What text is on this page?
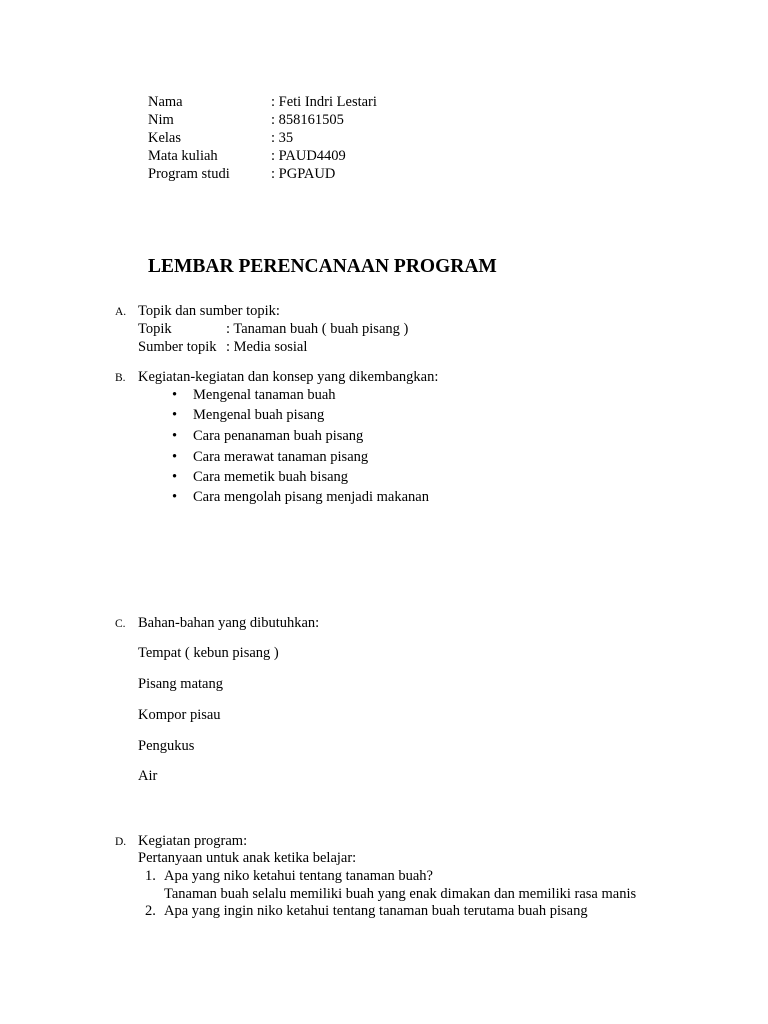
Nama	: Feti Indri Lestari
Nim	: 858161505
Kelas	: 35
Mata kuliah	: PAUD4409
Program studi	: PGPAUD
LEMBAR PERENCANAAN PROGRAM
A. Topik dan sumber topik:
Topik	: Tanaman buah ( buah pisang )
Sumber topik : Media sosial
B. Kegiatan-kegiatan dan konsep yang dikembangkan:
• Mengenal tanaman buah
• Mengenal buah pisang
• Cara penanaman buah pisang
• Cara merawat tanaman pisang
• Cara memetik buah bisang
• Cara mengolah pisang menjadi makanan
C. Bahan-bahan yang dibutuhkan:
Tempat ( kebun pisang )
Pisang matang
Kompor pisau
Pengukus
Air
D. Kegiatan program:
Pertanyaan untuk anak ketika belajar:
1. Apa yang niko ketahui tentang tanaman buah?
Tanaman buah selalu memiliki buah yang enak dimakan dan memiliki rasa manis
2. Apa yang ingin niko ketahui tentang tanaman buah terutama buah pisang
